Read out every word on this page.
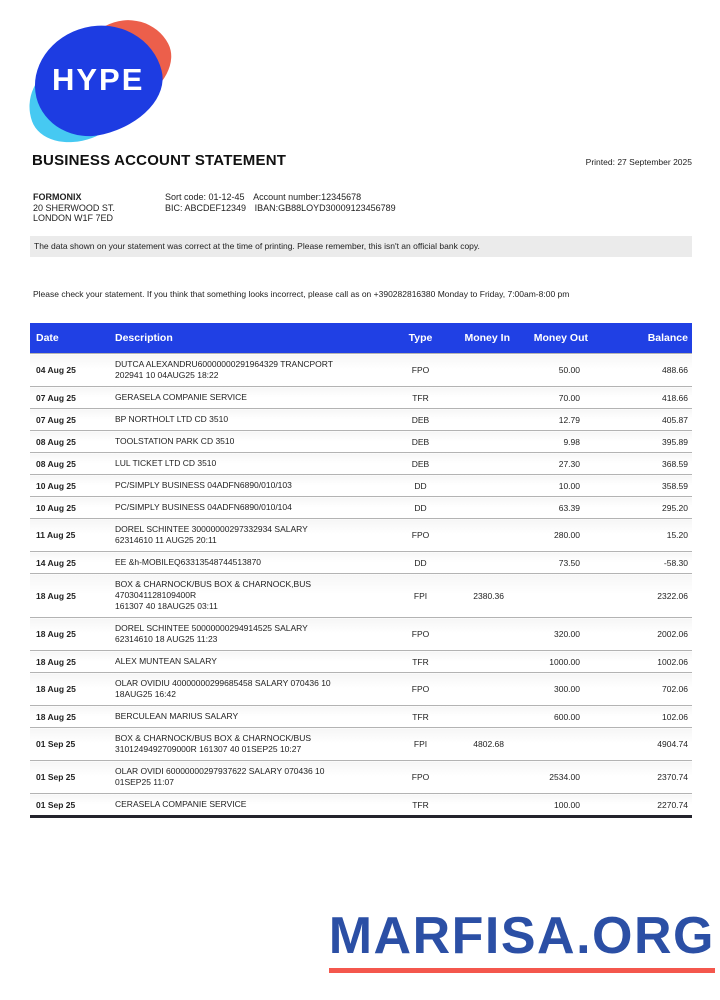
HYPE
BUSINESS ACCOUNT STATEMENT	Printed: 27 September 2025
FORMONIX
20 SHERWOOD ST.
LONDON W1F 7ED
Sort code: 01-12-45 Account number:12345678
BIC: ABCDEF12349 IBAN:GB88LOYD30009123456789
The data shown on your statement was correct at the time of printing. Please remember, this isn't an official bank copy.
Please check your statement. If you think that something looks incorrect, please call as on +390282816380 Monday to Friday, 7:00am-8:00 pm
Date	Description	Type	Money In	Money Out	Balance
04 Aug 25	DUTCA ALEXANDRU60000000291964329 TRANCPORT
202941 10 04AUG25 18:22	FPO		50.00	488.66
07 Aug 25	GERASELA COMPANIE SERVICE	TFR		70.00	418.66
07 Aug 25	BP NORTHOLT LTD CD 3510	DEB		12.79	405.87
08 Aug 25	TOOLSTATION PARK CD 3510	DEB		9.98	395.89
08 Aug 25	LUL TICKET LTD CD 3510	DEB		27.30	368.59
10 Aug 25	PC/SIMPLY BUSINESS 04ADFN6890/010/103	DD		10.00	358.59
10 Aug 25	PC/SIMPLY BUSINESS 04ADFN6890/010/104	DD		63.39	295.20
11 Aug 25	DOREL SCHINTEE 30000000297332934 SALARY
62314610 11 AUG25 20:11	FPO		280.00	15.20
14 Aug 25	EE &h-MOBILEQ63313548744513870	DD		73.50	-58.30
18 Aug 25	BOX & CHARNOCK/BUS BOX & CHARNOCK,BUS 4703041128109400R
161307 40 18AUG25 03:11	FPI	2380.36		2322.06
18 Aug 25	DOREL SCHINTEE 50000000294914525 SALARY
62314610 18 AUG25 11:23	FPO		320.00	2002.06
18 Aug 25	ALEX MUNTEAN SALARY	TFR		1000.00	1002.06
18 Aug 25	OLAR OVIDIU 40000000299685458 SALARY 070436 10
18AUG25 16:42	FPO		300.00	702.06
18 Aug 25	BERCULEAN MARIUS SALARY	TFR		600.00	102.06
01 Sep 25	BOX & CHARNOCK/BUS BOX & CHARNOCK/BUS
3101249492709000R 161307 40 01SEP25 10:27	FPI	4802.68		4904.74
01 Sep 25	OLAR OVIDI 60000000297937622 SALARY 070436 10
01SEP25 11:07	FPO		2534.00	2370.74
01 Sep 25	CERASELA COMPANIE SERVICE	TFR		100.00	2270.74
MARFISA.ORG
